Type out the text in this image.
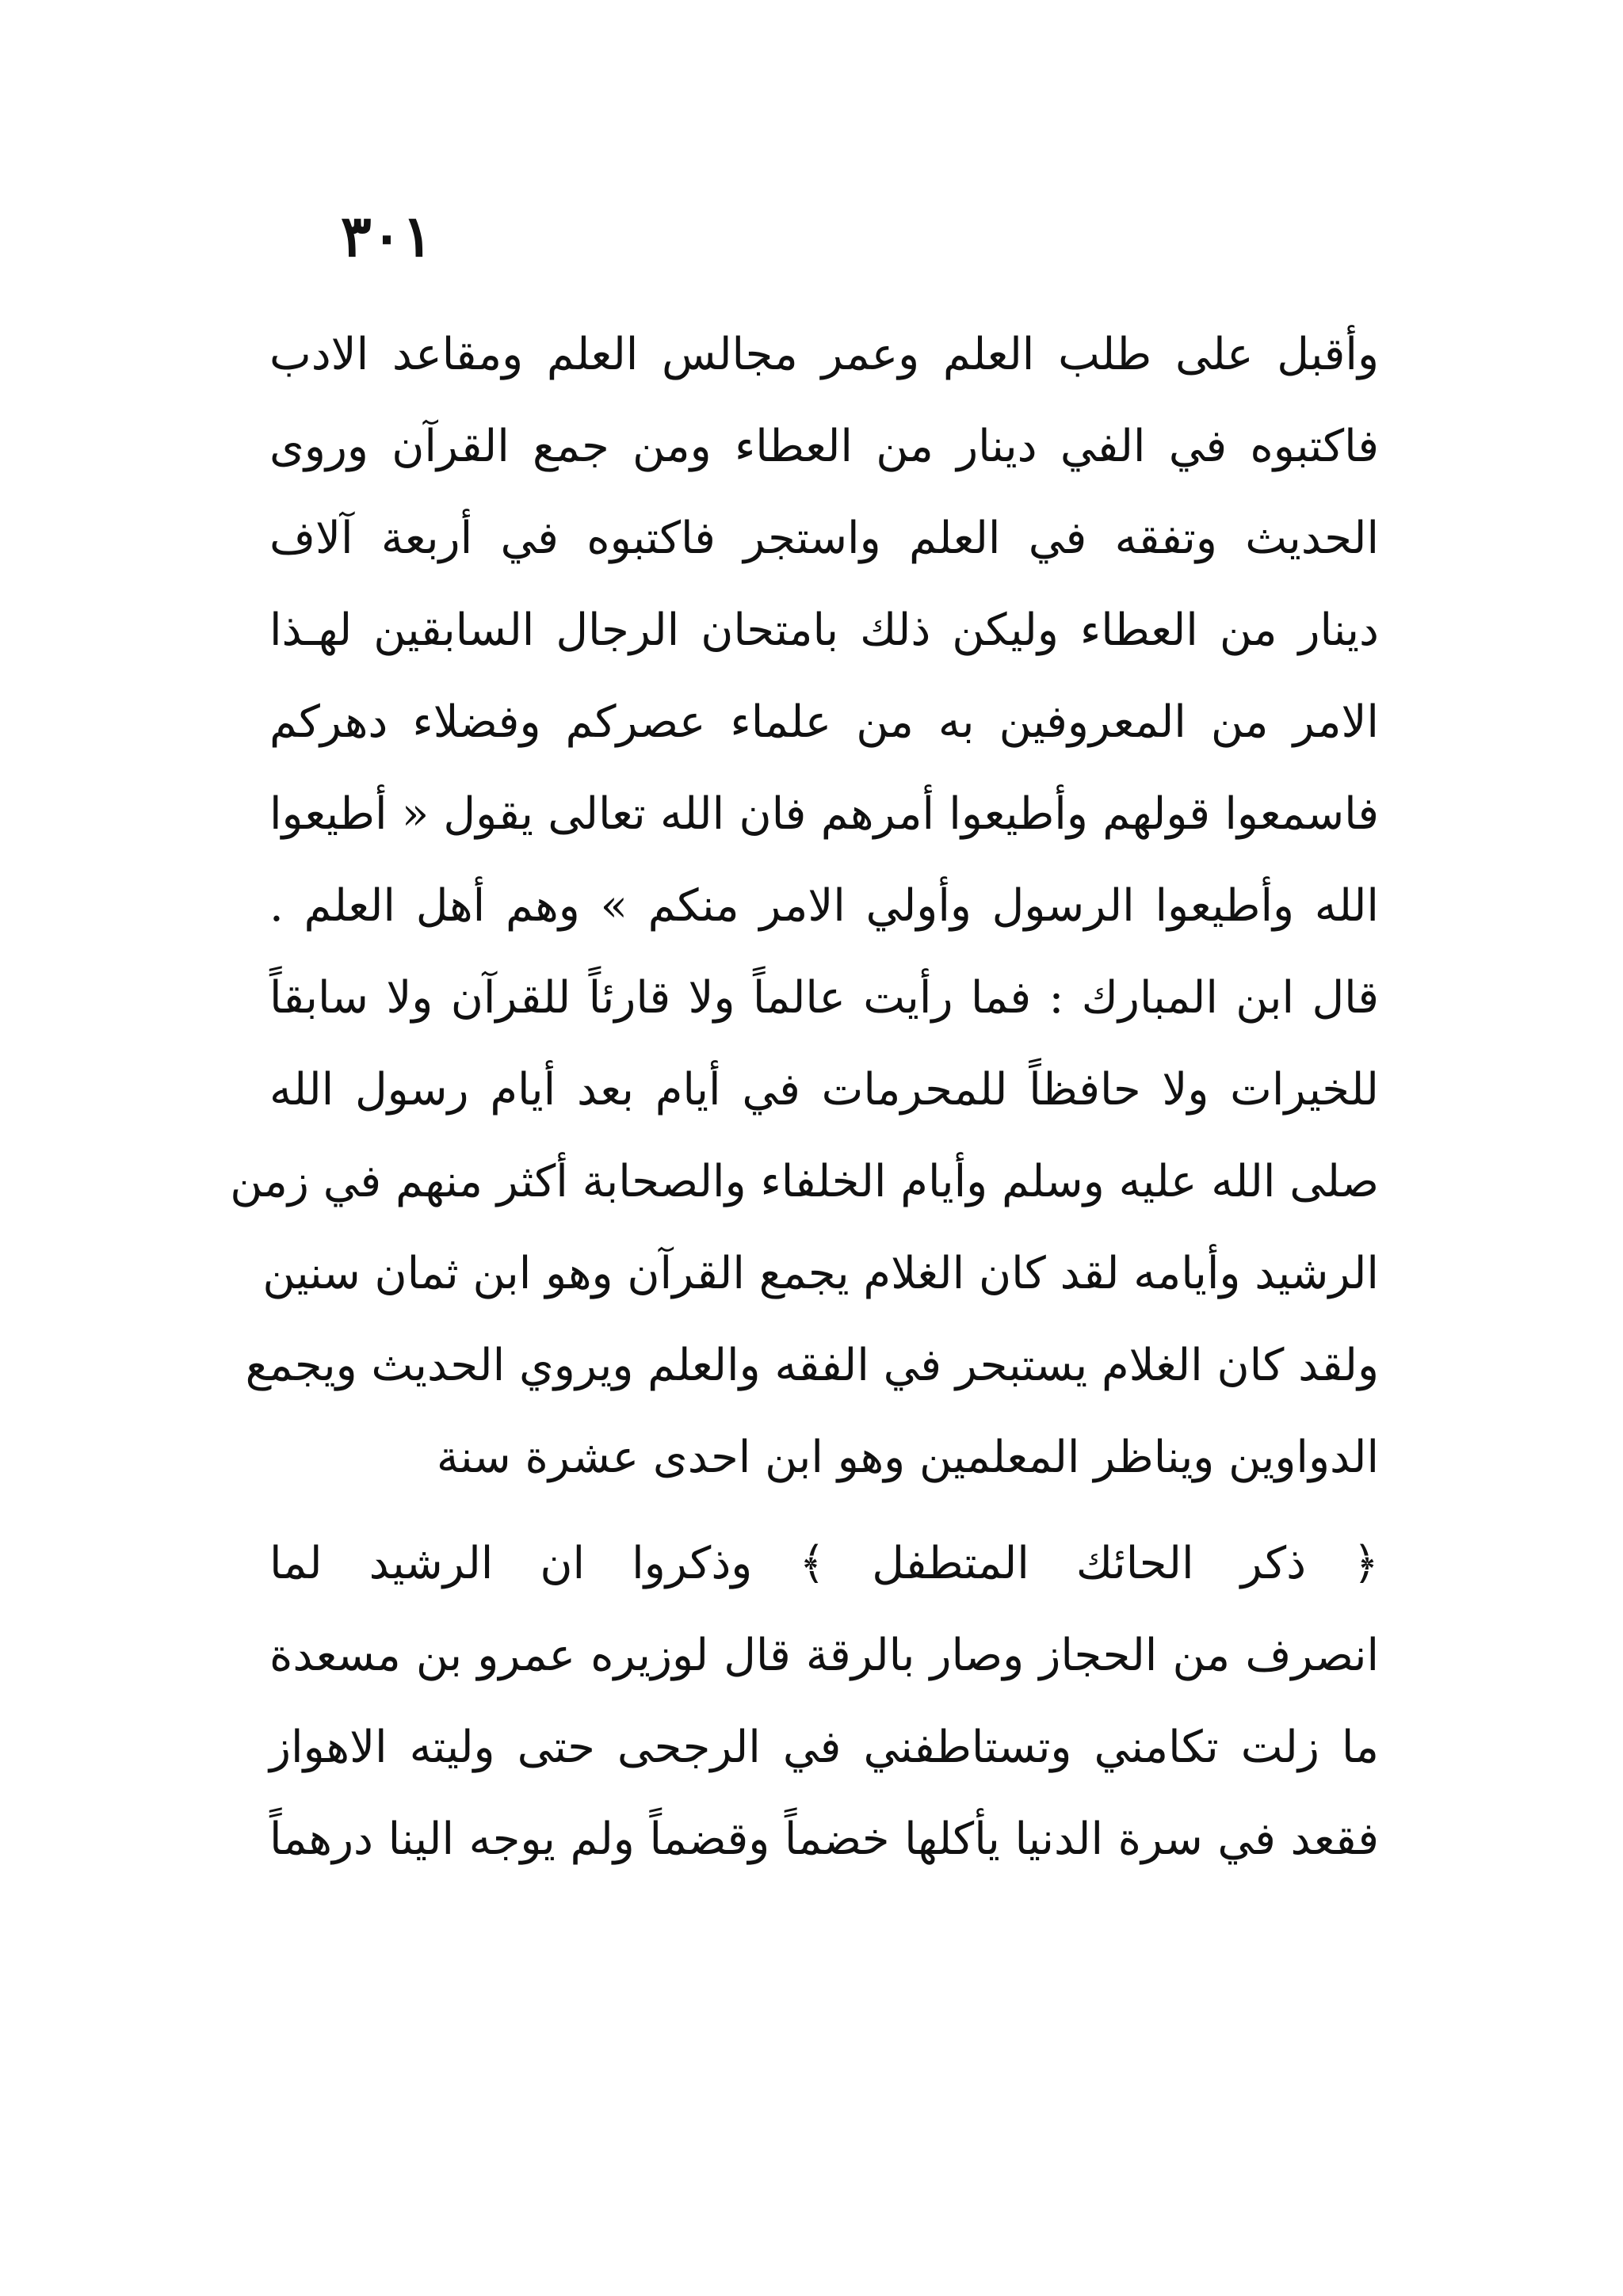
٣٠١
وأقبل على طلب العلم وعمر مجالس العلم ومقاعد الادب
فاكتبوه في الفي دينار من العطاء ومن جمع القرآن وروى
الحديث وتفقه في العلم واستجر فاكتبوه في أربعة آلاف
دينار من العطاء وليكن ذلك بامتحان الرجال السابقين لهـذا
الامر من المعروفين به من علماء عصركم وفضلاء دهركم
فاسمعوا قولهم وأطيعوا أمرهم فان الله تعالى يقول « أطيعوا
الله وأطيعوا الرسول وأولي الامر منكم » وهم أهل العلم .
قال ابن المبارك : فما رأيت عالماً ولا قارئاً للقرآن ولا سابقاً
للخيرات ولا حافظاً للمحرمات في أيام بعد أيام رسول الله
صلى الله عليه وسلم وأيام الخلفاء والصحابة أكثر منهم في زمن
الرشيد وأيامه لقد كان الغلام يجمع القرآن وهو ابن ثمان سنين
ولقد كان الغلام يستبحر في الفقه والعلم ويروي الحديث ويجمع
الدواوين ويناظر المعلمين وهو ابن احدى عشرة سنة
﴿ ذكر الحائك المتطفل ﴾ وذكروا ان الرشيد لما
انصرف من الحجاز وصار بالرقة قال لوزيره عمرو بن مسعدة
ما زلت تكامني وتستاطفني في الرجحى حتى وليته الاهواز
فقعد في سرة الدنيا يأكلها خضماً وقضماً ولم يوجه الينا درهماً
